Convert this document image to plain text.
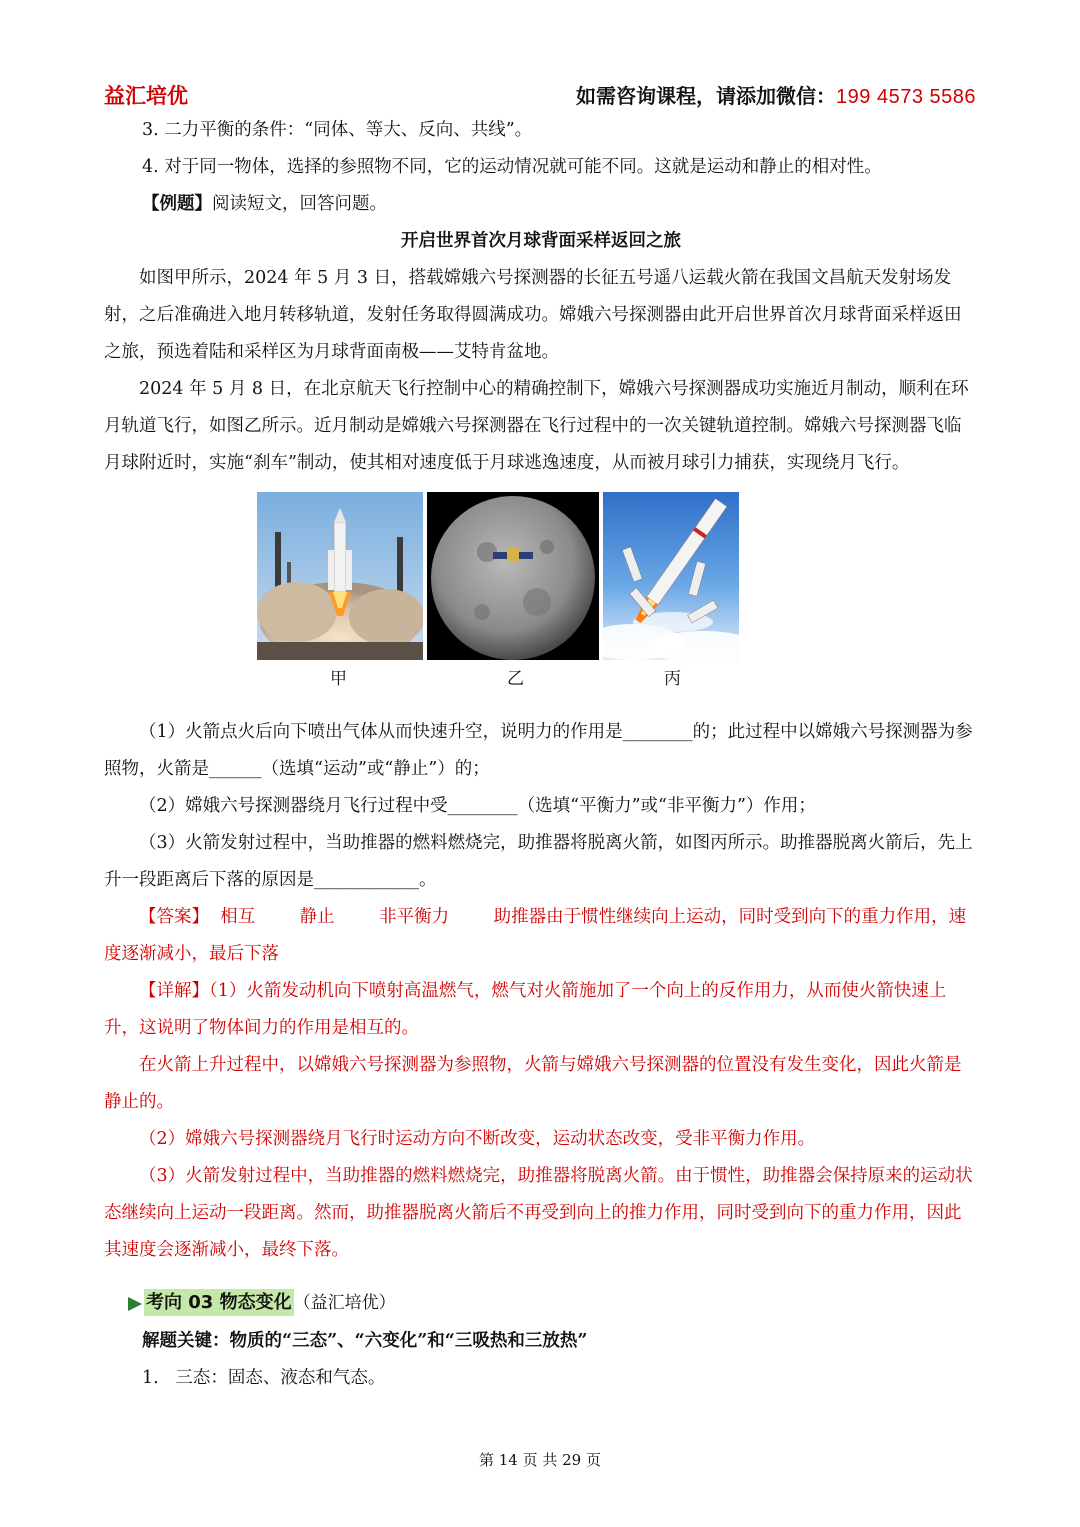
益汇培优	如需咨询课程，请添加微信：199 4573 5586

3. 二力平衡的条件：“同体、等大、反向、共线”。

4. 对于同一物体，选择的参照物不同，它的运动情况就可能不同。这就是运动和静止的相对性。

【例题】阅读短文，回答问题。

开启世界首次月球背面采样返回之旅

如图甲所示，2024 年 5 月 3 日，搭载嫦娥六号探测器的长征五号遥八运载火箭在我国文昌航天发射场发射，之后准确进入地月转移轨道，发射任务取得圆满成功。嫦娥六号探测器由此开启世界首次月球背面采样返田之旅，预选着陆和采样区为月球背面南极——艾特肯盆地。

2024 年 5 月 8 日，在北京航天飞行控制中心的精确控制下，嫦娥六号探测器成功实施近月制动，顺利在环月轨道飞行，如图乙所示。近月制动是嫦娥六号探测器在飞行过程中的一次关键轨道控制。嫦娥六号探测器飞临月球附近时，实施“刹车”制动，使其相对速度低于月球逃逸速度，从而被月球引力捕获，实现绕月飞行。

甲	乙	丙

（1）火箭点火后向下喷出气体从而快速升空，说明力的作用是________的；此过程中以嫦娥六号探测器为参照物，火箭是______（选填“运动”或“静止”）的；

（2）嫦娥六号探测器绕月飞行过程中受________（选填“平衡力”或“非平衡力”）作用；

（3）火箭发射过程中，当助推器的燃料燃烧完，助推器将脱离火箭，如图丙所示。助推器脱离火箭后，先上升一段距离后下落的原因是____________。

【答案】  相互        静止        非平衡力        助推器由于惯性继续向上运动，同时受到向下的重力作用，速度逐渐减小，最后下落

【详解】（1）火箭发动机向下喷射高温燃气，燃气对火箭施加了一个向上的反作用力，从而使火箭快速上升，这说明了物体间力的作用是相互的。

在火箭上升过程中，以嫦娥六号探测器为参照物，火箭与嫦娥六号探测器的位置没有发生变化，因此火箭是静止的。

（2）嫦娥六号探测器绕月飞行时运动方向不断改变，运动状态改变，受非平衡力作用。

（3）火箭发射过程中，当助推器的燃料燃烧完，助推器将脱离火箭。由于惯性，助推器会保持原来的运动状态继续向上运动一段距离。然而，助推器脱离火箭后不再受到向上的推力作用，同时受到向下的重力作用，因此其速度会逐渐减小，最终下落。

考向 03 物态变化 （益汇培优）

解题关键：物质的“三态”、“六变化”和“三吸热和三放热”

1.   三态：固态、液态和气态。

第 14 页 共 29 页
